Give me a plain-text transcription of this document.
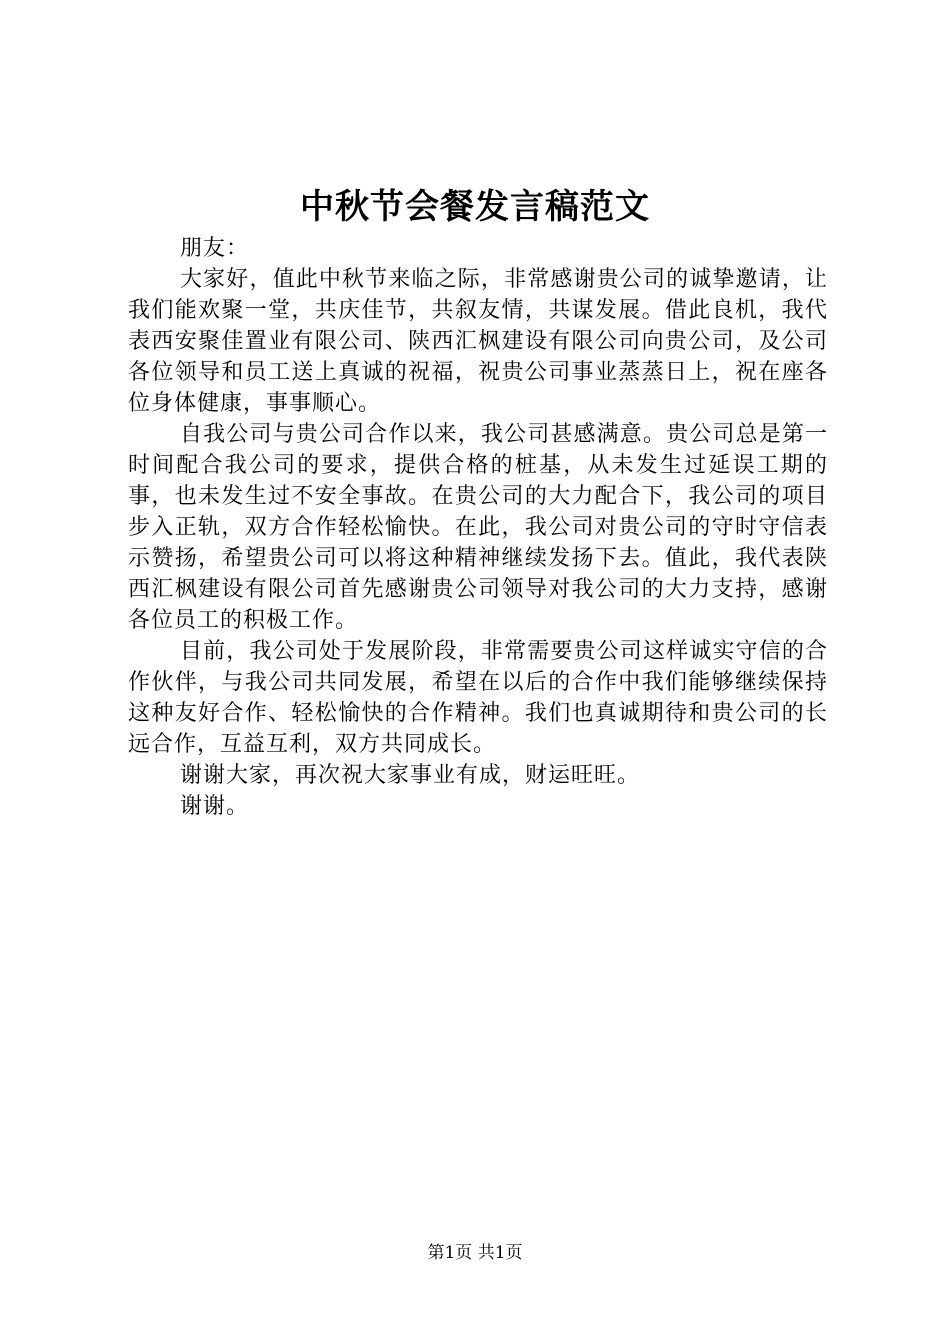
中秋节会餐发言稿范文

朋友：

大家好，值此中秋节来临之际，非常感谢贵公司的诚挚邀请，让我们能欢聚一堂，共庆佳节，共叙友情，共谋发展。借此良机，我代表西安聚佳置业有限公司、陕西汇枫建设有限公司向贵公司，及公司各位领导和员工送上真诚的祝福，祝贵公司事业蒸蒸日上，祝在座各位身体健康，事事顺心。

自我公司与贵公司合作以来，我公司甚感满意。贵公司总是第一时间配合我公司的要求，提供合格的桩基，从未发生过延误工期的事，也未发生过不安全事故。在贵公司的大力配合下，我公司的项目步入正轨，双方合作轻松愉快。在此，我公司对贵公司的守时守信表示赞扬，希望贵公司可以将这种精神继续发扬下去。值此，我代表陕西汇枫建设有限公司首先感谢贵公司领导对我公司的大力支持，感谢各位员工的积极工作。

目前，我公司处于发展阶段，非常需要贵公司这样诚实守信的合作伙伴，与我公司共同发展，希望在以后的合作中我们能够继续保持这种友好合作、轻松愉快的合作精神。我们也真诚期待和贵公司的长远合作，互益互利，双方共同成长。

谢谢大家，再次祝大家事业有成，财运旺旺。

谢谢。

第1页 共1页
